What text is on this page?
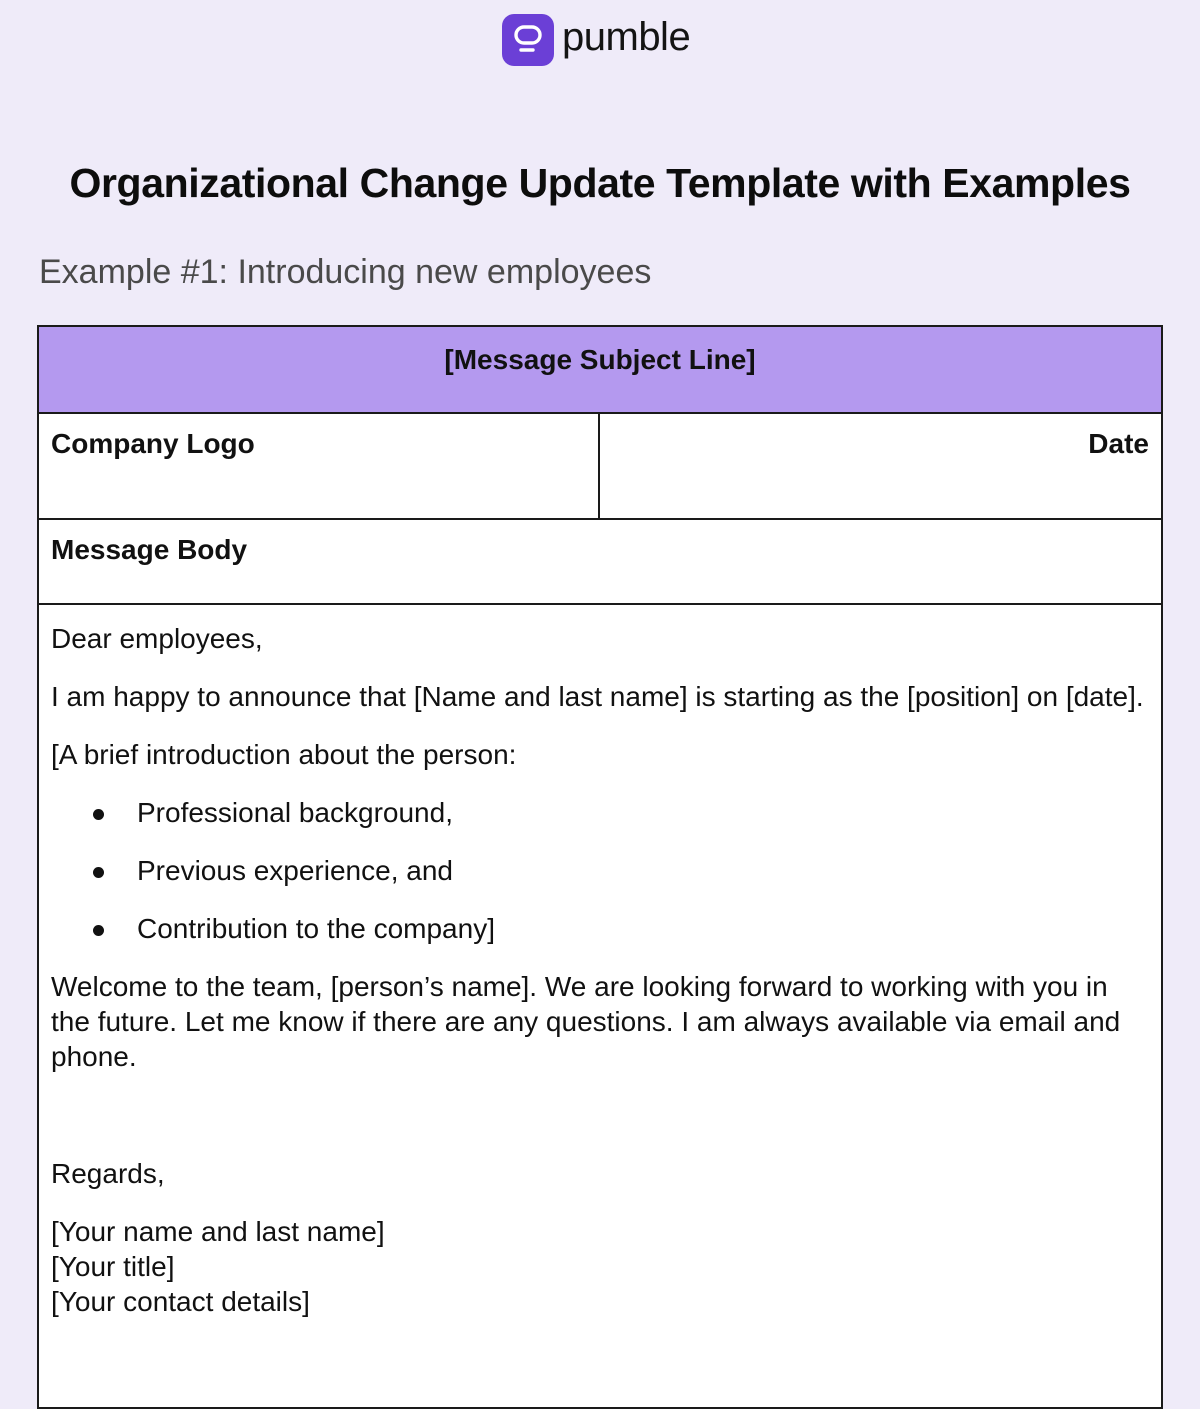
pumble
Organizational Change Update Template with Examples
Example #1: Introducing new employees
[Message Subject Line]
Company Logo	Date
Message Body

Dear employees,

I am happy to announce that [Name and last name] is starting as the [position] on [date].

[A brief introduction about the person:

Professional background,
Previous experience, and
Contribution to the company]

Welcome to the team, [person’s name]. We are looking forward to working with you in the future. Let me know if there are any questions. I am always available via email and phone.

Regards,

[Your name and last name]

[Your title]

[Your contact details]
